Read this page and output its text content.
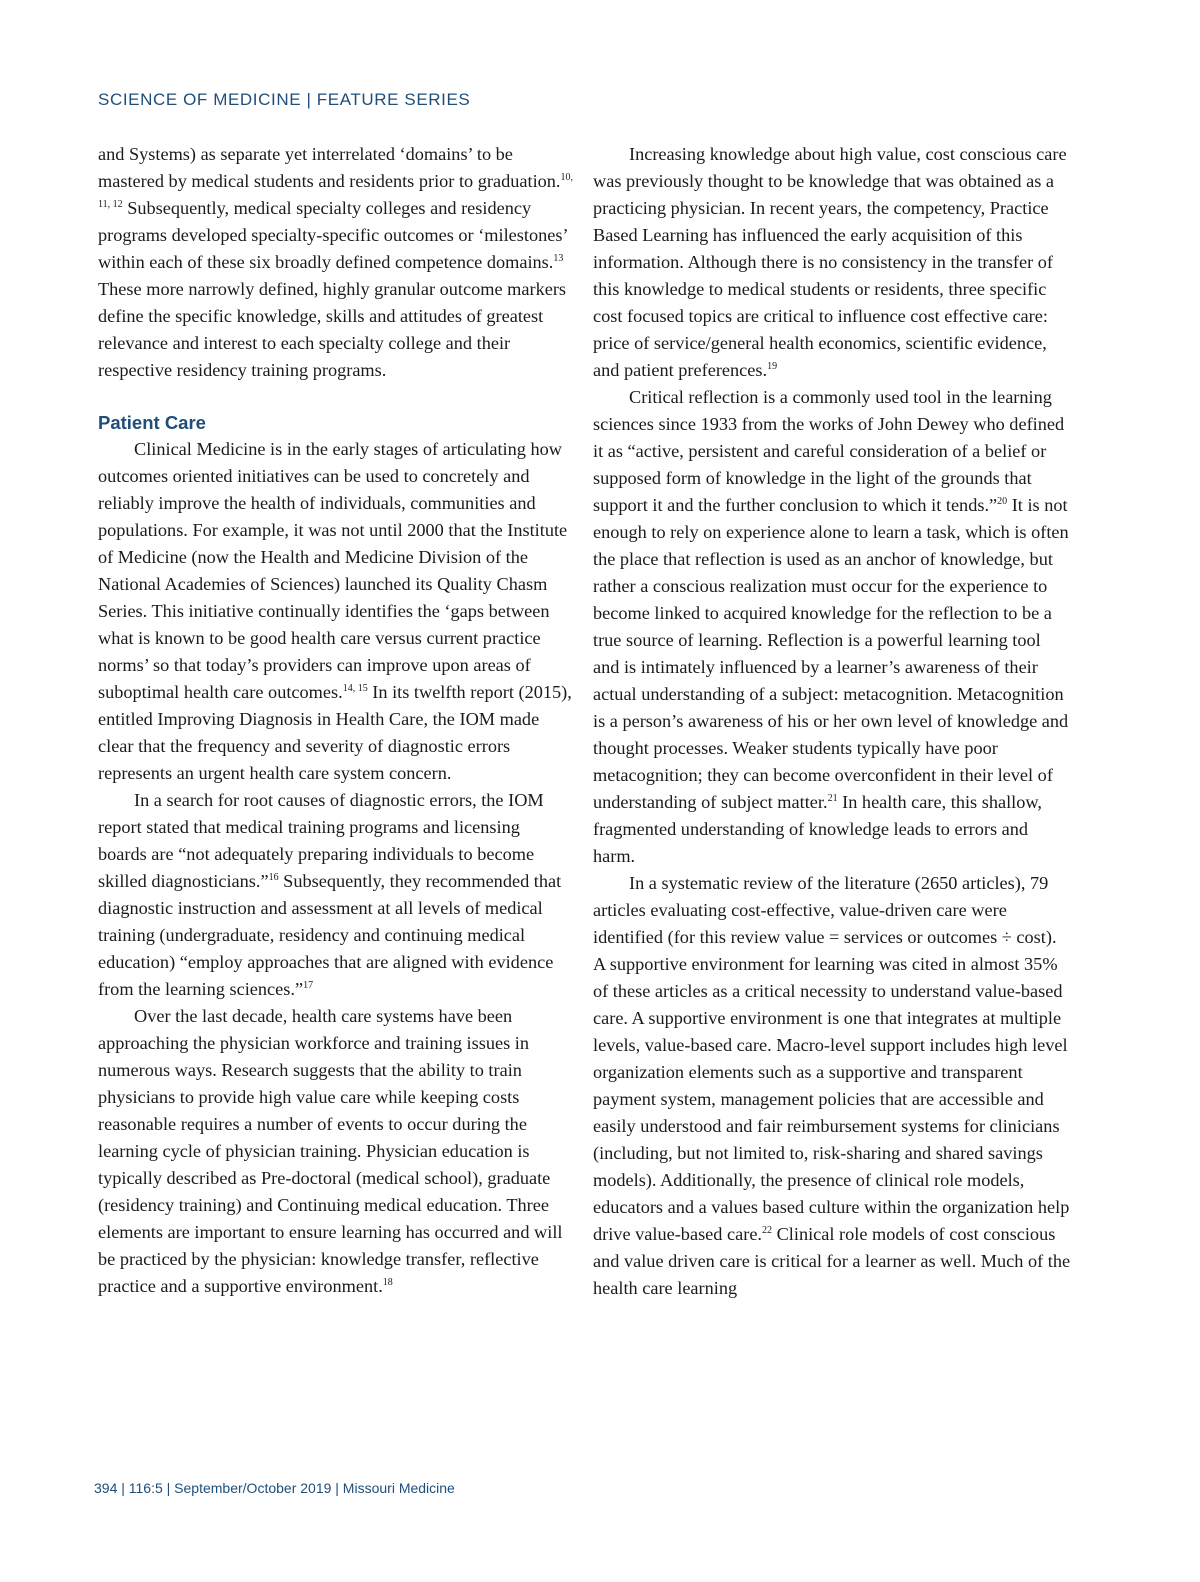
SCIENCE OF MEDICINE | FEATURE SERIES

and Systems) as separate yet interrelated ‘domains’ to be mastered by medical students and residents prior to graduation.$^{10, 11, 12}$ Subsequently, medical specialty colleges and residency programs developed specialty-specific outcomes or ‘milestones’ within each of these six broadly defined competence domains.$^{13}$ These more narrowly defined, highly granular outcome markers define the specific knowledge, skills and attitudes of greatest relevance and interest to each specialty college and their respective residency training programs.

Patient Care

Clinical Medicine is in the early stages of articulating how outcomes oriented initiatives can be used to concretely and reliably improve the health of individuals, communities and populations. For example, it was not until 2000 that the Institute of Medicine (now the Health and Medicine Division of the National Academies of Sciences) launched its Quality Chasm Series. This initiative continually identifies the ‘gaps between what is known to be good health care versus current practice norms’ so that today’s providers can improve upon areas of suboptimal health care outcomes.$^{14, 15}$ In its twelfth report (2015), entitled Improving Diagnosis in Health Care, the IOM made clear that the frequency and severity of diagnostic errors represents an urgent health care system concern.

In a search for root causes of diagnostic errors, the IOM report stated that medical training programs and licensing boards are “not adequately preparing individuals to become skilled diagnosticians.”$^{16}$ Subsequently, they recommended that diagnostic instruction and assessment at all levels of medical training (undergraduate, residency and continuing medical education) “employ approaches that are aligned with evidence from the learning sciences.”$^{17}$

Over the last decade, health care systems have been approaching the physician workforce and training issues in numerous ways. Research suggests that the ability to train physicians to provide high value care while keeping costs reasonable requires a number of events to occur during the learning cycle of physician training. Physician education is typically described as Pre-doctoral (medical school), graduate (residency training) and Continuing medical education. Three elements are important to ensure learning has occurred and will be practiced by the physician: knowledge transfer, reflective practice and a supportive environment.$^{18}$

Increasing knowledge about high value, cost conscious care was previously thought to be knowledge that was obtained as a practicing physician. In recent years, the competency, Practice Based Learning has influenced the early acquisition of this information. Although there is no consistency in the transfer of this knowledge to medical students or residents, three specific cost focused topics are critical to influence cost effective care: price of service/general health economics, scientific evidence, and patient preferences.$^{19}$

Critical reflection is a commonly used tool in the learning sciences since 1933 from the works of John Dewey who defined it as “active, persistent and careful consideration of a belief or supposed form of knowledge in the light of the grounds that support it and the further conclusion to which it tends.”$^{20}$ It is not enough to rely on experience alone to learn a task, which is often the place that reflection is used as an anchor of knowledge, but rather a conscious realization must occur for the experience to become linked to acquired knowledge for the reflection to be a true source of learning. Reflection is a powerful learning tool and is intimately influenced by a learner’s awareness of their actual understanding of a subject: metacognition. Metacognition is a person’s awareness of his or her own level of knowledge and thought processes. Weaker students typically have poor metacognition; they can become overconfident in their level of understanding of subject matter.$^{21}$ In health care, this shallow, fragmented understanding of knowledge leads to errors and harm.

In a systematic review of the literature (2650 articles), 79 articles evaluating cost-effective, value-driven care were identified (for this review value = services or outcomes ÷ cost). A supportive environment for learning was cited in almost 35% of these articles as a critical necessity to understand value-based care. A supportive environment is one that integrates at multiple levels, value-based care. Macro-level support includes high level organization elements such as a supportive and transparent payment system, management policies that are accessible and easily understood and fair reimbursement systems for clinicians (including, but not limited to, risk-sharing and shared savings models). Additionally, the presence of clinical role models, educators and a values based culture within the organization help drive value-based care.$^{22}$ Clinical role models of cost conscious and value driven care is critical for a learner as well. Much of the health care learning

394 | 116:5 | September/October 2019 | Missouri Medicine
